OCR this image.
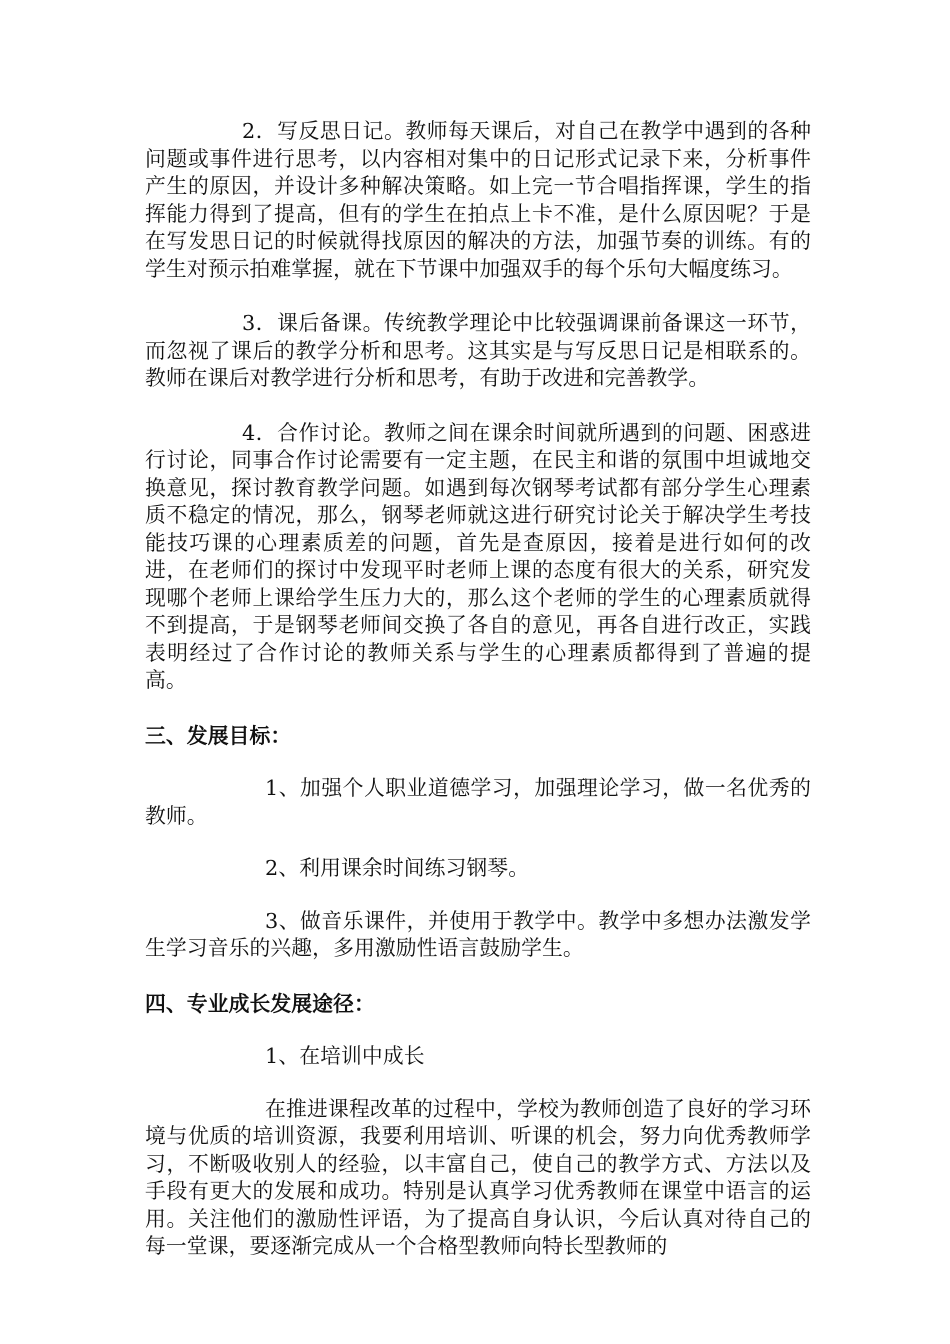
2．写反思日记。教师每天课后，对自己在教学中遇到的各种问题或事件进行思考，以内容相对集中的日记形式记录下来，分析事件产生的原因，并设计多种解决策略。如上完一节合唱指挥课，学生的指挥能力得到了提高，但有的学生在拍点上卡不准，是什么原因呢？于是在写发思日记的时候就得找原因的解决的方法，加强节奏的训练。有的学生对预示拍难掌握，就在下节课中加强双手的每个乐句大幅度练习。

3．课后备课。传统教学理论中比较强调课前备课这一环节，而忽视了课后的教学分析和思考。这其实是与写反思日记是相联系的。教师在课后对教学进行分析和思考，有助于改进和完善教学。

4．合作讨论。教师之间在课余时间就所遇到的问题、困惑进行讨论，同事合作讨论需要有一定主题，在民主和谐的氛围中坦诚地交换意见，探讨教育教学问题。如遇到每次钢琴考试都有部分学生心理素质不稳定的情况，那么，钢琴老师就这进行研究讨论关于解决学生考技能技巧课的心理素质差的问题，首先是查原因，接着是进行如何的改进，在老师们的探讨中发现平时老师上课的态度有很大的关系，研究发现哪个老师上课给学生压力大的，那么这个老师的学生的心理素质就得不到提高，于是钢琴老师间交换了各自的意见，再各自进行改正，实践表明经过了合作讨论的教师关系与学生的心理素质都得到了普遍的提高。

三、发展目标：

1、加强个人职业道德学习，加强理论学习，做一名优秀的教师。

2、利用课余时间练习钢琴。

3、做音乐课件，并使用于教学中。教学中多想办法激发学生学习音乐的兴趣，多用激励性语言鼓励学生。

四、专业成长发展途径：

1、在培训中成长

在推进课程改革的过程中，学校为教师创造了良好的学习环境与优质的培训资源，我要利用培训、听课的机会，努力向优秀教师学习，不断吸收别人的经验，以丰富自己，使自己的教学方式、方法以及手段有更大的发展和成功。特别是认真学习优秀教师在课堂中语言的运用。关注他们的激励性评语，为了提高自身认识，今后认真对待自己的每一堂课，要逐渐完成从一个合格型教师向特长型教师的
